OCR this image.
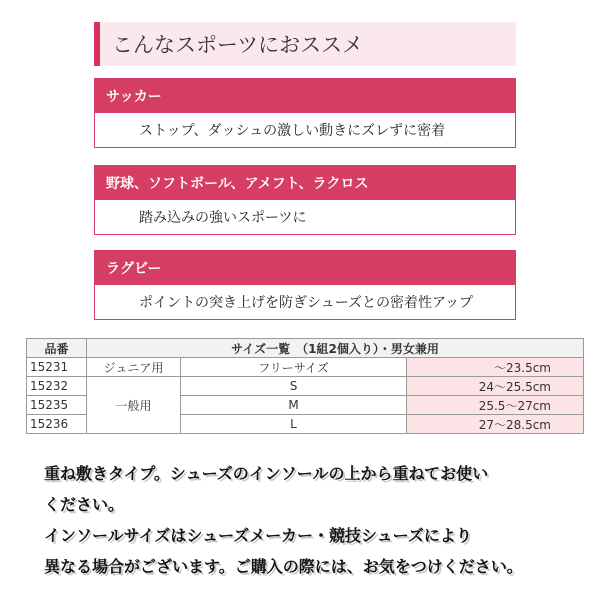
こんなスポーツにおススメ
サッカー
ストップ、ダッシュの激しい動きにズレずに密着
野球、ソフトボール、アメフト、ラクロス
踏み込みの強いスポーツに
ラグビー
ポイントの突き上げを防ぎシューズとの密着性アップ
品番	サイズ一覧　（1組2個入り）・男女兼用		
15231	ジュニア用	フリーサイズ	～23.5cm
15232	一般用	S	24～25.5cm
15235		M	25.5～27cm
15236		L	27～28.5cm
重ね敷きタイプ。シューズのインソールの上から重ねてお使い
ください。
インソールサイズはシューズメーカー・競技シューズにより
異なる場合がございます。ご購入の際には、お気をつけください。
